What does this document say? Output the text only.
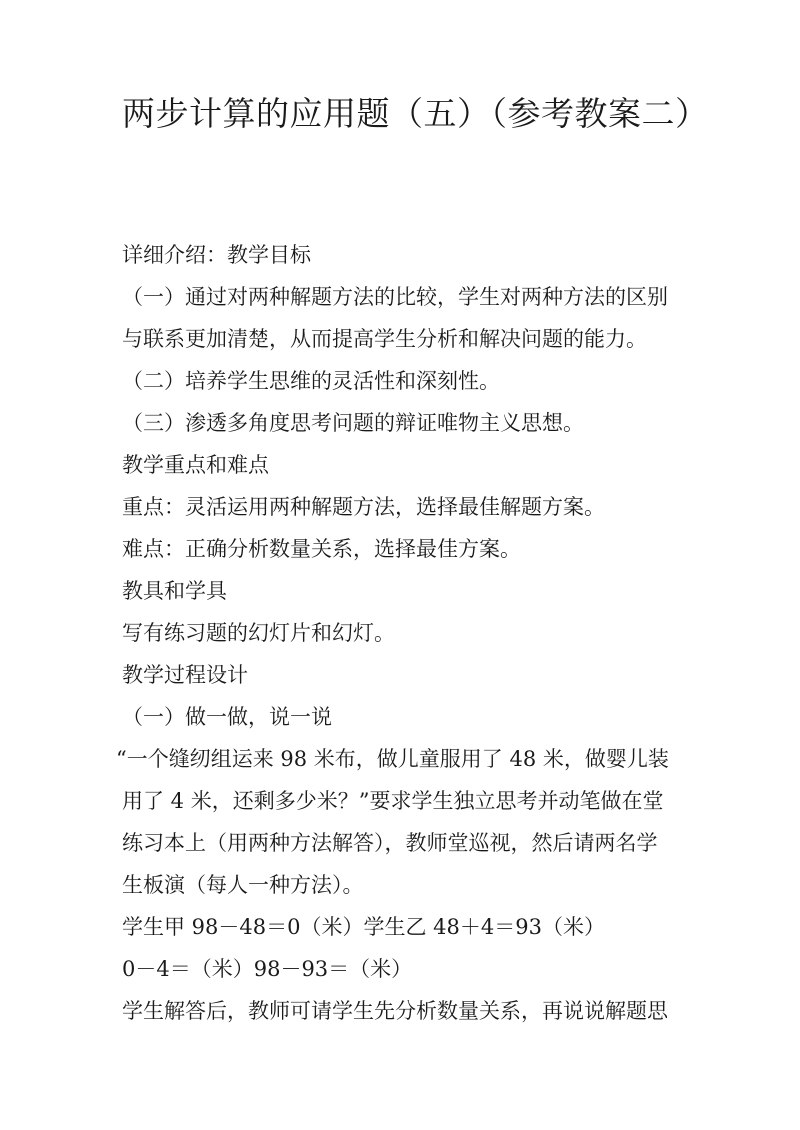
两步计算的应用题（五）（参考教案二）

详细介绍：教学目标

（一）通过对两种解题方法的比较，学生对两种方法的区别

与联系更加清楚，从而提高学生分析和解决问题的能力。

（二）培养学生思维的灵活性和深刻性。

（三）渗透多角度思考问题的辩证唯物主义思想。

教学重点和难点

重点：灵活运用两种解题方法，选择最佳解题方案。

难点：正确分析数量关系，选择最佳方案。

教具和学具

写有练习题的幻灯片和幻灯。

教学过程设计

（一）做一做，说一说

“一个缝纫组运来 98 米布，做儿童服用了 48 米，做婴儿装

用了 4 米，还剩多少米？”要求学生独立思考并动笔做在堂

练习本上（用两种方法解答），教师堂巡视，然后请两名学

生板演（每人一种方法）。

学生甲 98－48＝0（米）学生乙 48＋4＝93（米）

0－4＝（米）98－93＝（米）

学生解答后，教师可请学生先分析数量关系，再说说解题思
